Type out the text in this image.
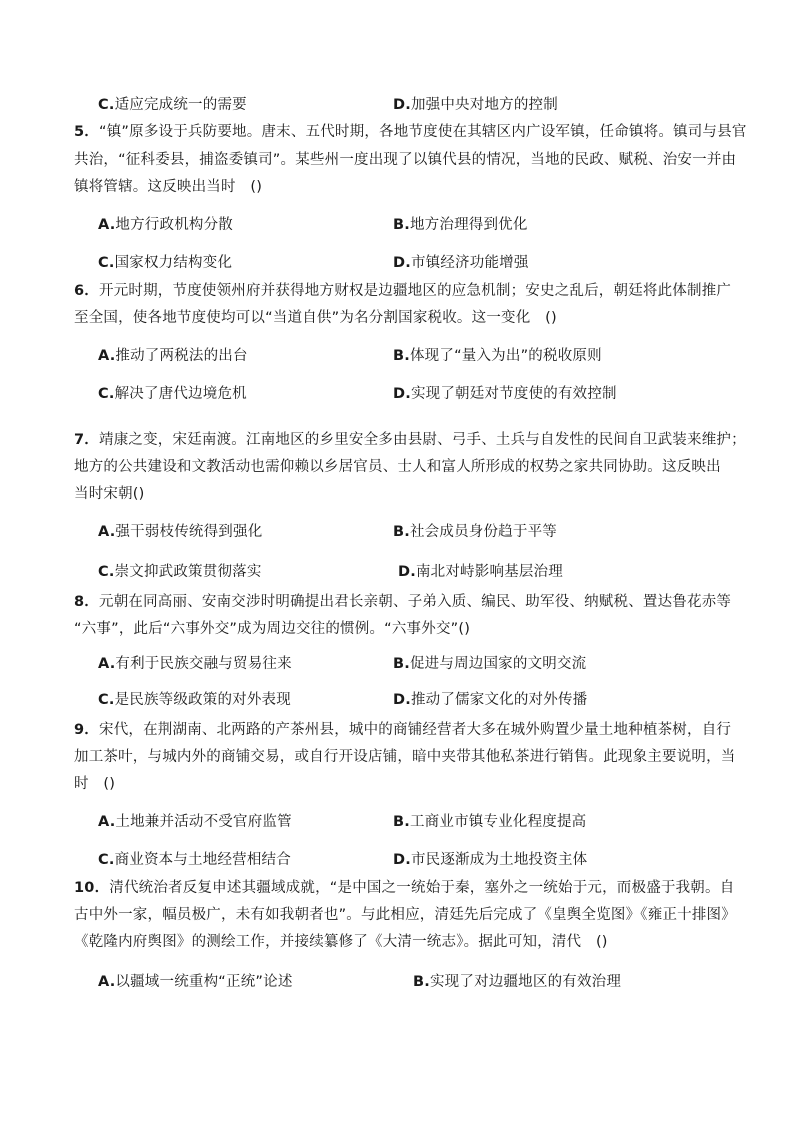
C.适应完成统一的需要	D.加强中央对地方的控制
5．“镇”原多设于兵防要地。唐末、五代时期，各地节度使在其辖区内广设军镇，任命镇将。镇司与县官
共治，“征科委县，捕盗委镇司”。某些州一度出现了以镇代县的情况，当地的民政、赋税、治安一并由
镇将管辖。这反映出当时　()
A.地方行政机构分散	B.地方治理得到优化
C.国家权力结构变化	D.市镇经济功能增强
6．开元时期，节度使领州府并获得地方财权是边疆地区的应急机制；安史之乱后，朝廷将此体制推广
至全国，使各地节度使均可以“当道自供”为名分割国家税收。这一变化　()
A.推动了两税法的出台	B.体现了“量入为出”的税收原则
C.解决了唐代边境危机	D.实现了朝廷对节度使的有效控制
7．靖康之变，宋廷南渡。江南地区的乡里安全多由县尉、弓手、土兵与自发性的民间自卫武装来维护；
地方的公共建设和文教活动也需仰赖以乡居官员、士人和富人所形成的权势之家共同协助。这反映出
当时宋朝()
A.强干弱枝传统得到强化	B.社会成员身份趋于平等
C.崇文抑武政策贯彻落实	D.南北对峙影响基层治理
8．元朝在同高丽、安南交涉时明确提出君长亲朝、子弟入质、编民、助军役、纳赋税、置达鲁花赤等
“六事”，此后“六事外交”成为周边交往的惯例。“六事外交”()
A.有利于民族交融与贸易往来	B.促进与周边国家的文明交流
C.是民族等级政策的对外表现	D.推动了儒家文化的对外传播
9．宋代，在荆湖南、北两路的产茶州县，城中的商铺经营者大多在城外购置少量土地种植茶树，自行
加工茶叶，与城内外的商铺交易，或自行开设店铺，暗中夹带其他私茶进行销售。此现象主要说明，当
时　()
A.土地兼并活动不受官府监管	B.工商业市镇专业化程度提高
C.商业资本与土地经营相结合	D.市民逐渐成为土地投资主体
10．清代统治者反复申述其疆域成就，“是中国之一统始于秦，塞外之一统始于元，而极盛于我朝。自
古中外一家，幅员极广，未有如我朝者也”。与此相应，清廷先后完成了《皇舆全览图》《雍正十排图》
《乾隆内府舆图》的测绘工作，并接续纂修了《大清一统志》。据此可知，清代　()
A.以疆域一统重构“正统”论述	B.实现了对边疆地区的有效治理
